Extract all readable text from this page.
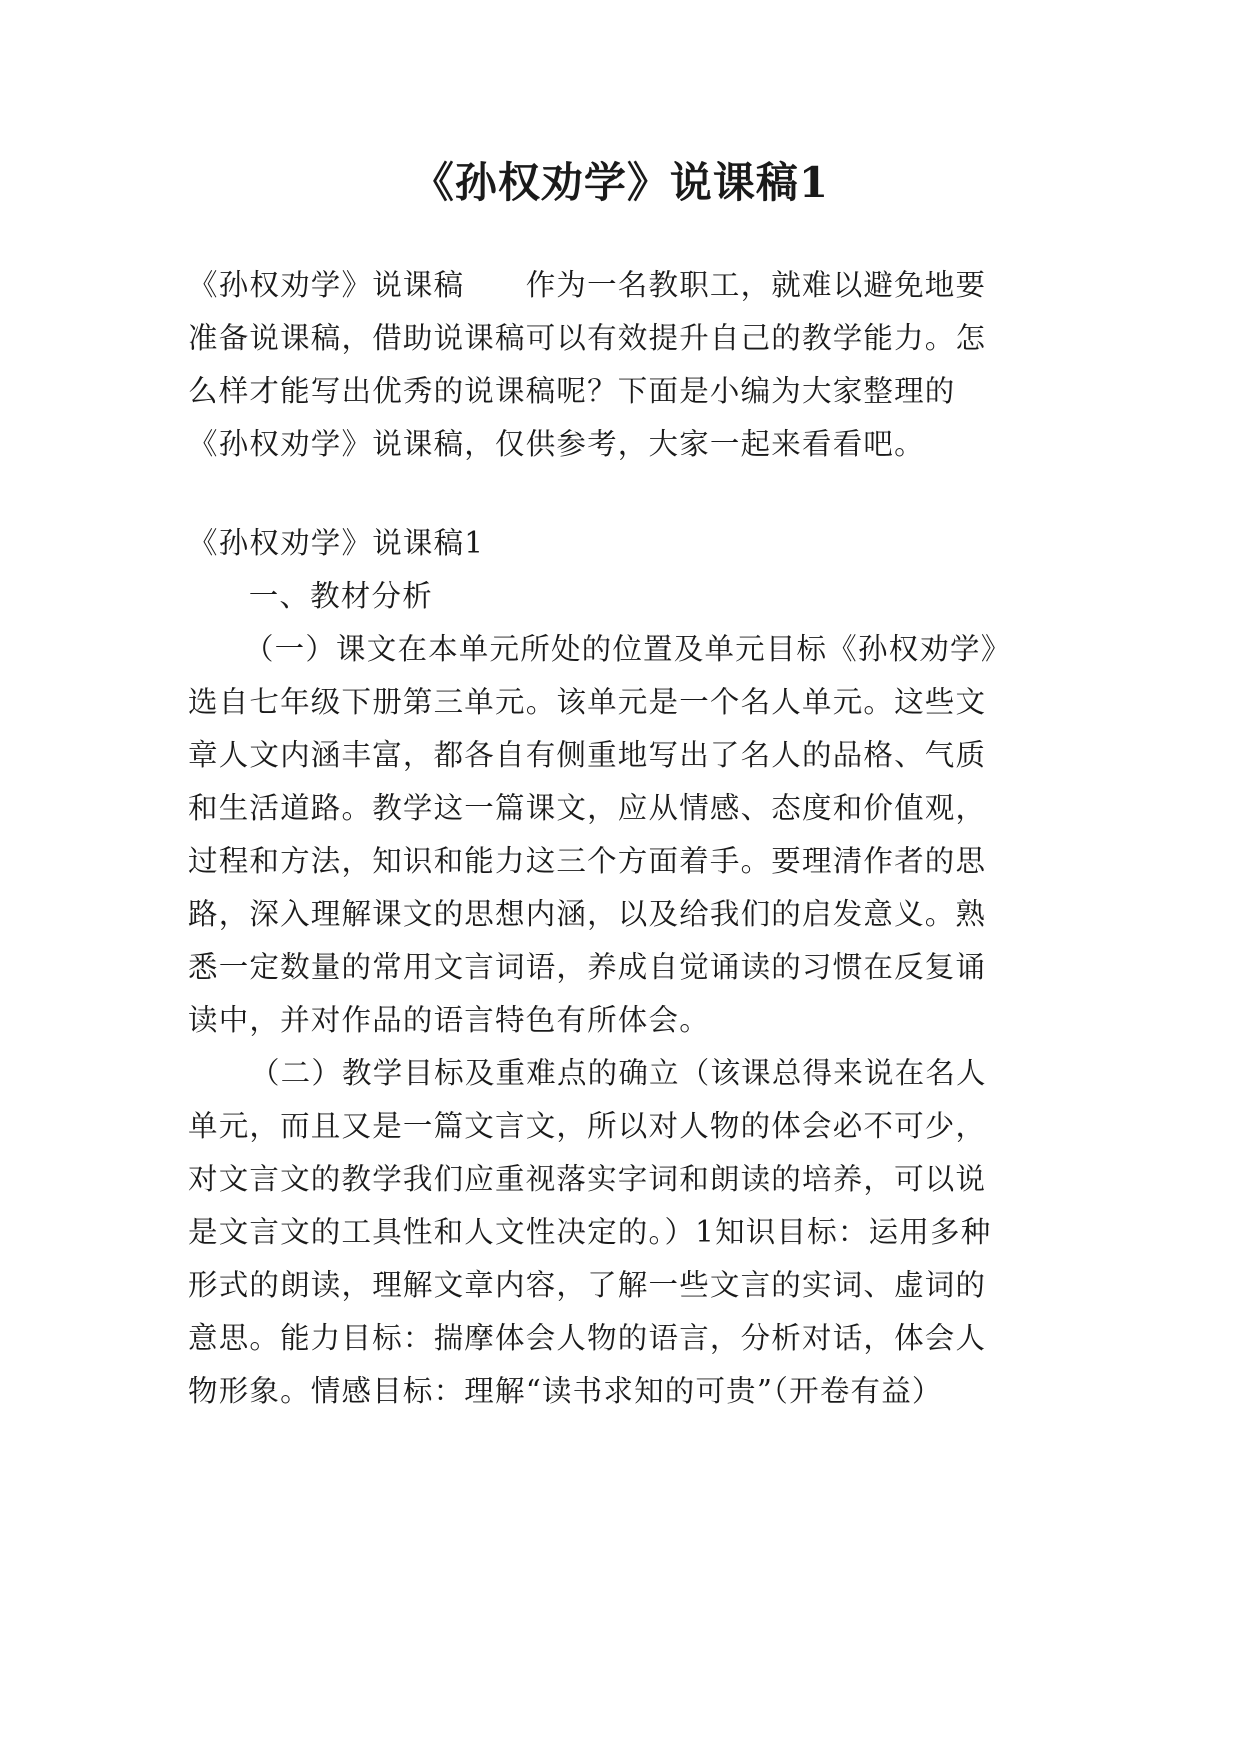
《孙权劝学》说课稿1

《孙权劝学》说课稿　　作为一名教职工，就难以避免地要

准备说课稿，借助说课稿可以有效提升自己的教学能力。怎

么样才能写出优秀的说课稿呢？下面是小编为大家整理的

《孙权劝学》说课稿，仅供参考，大家一起来看看吧。

《孙权劝学》说课稿1

　一、教材分析

　（一）课文在本单元所处的位置及单元目标《孙权劝学》

选自七年级下册第三单元。该单元是一个名人单元。这些文

章人文内涵丰富，都各自有侧重地写出了名人的品格、气质

和生活道路。教学这一篇课文，应从情感、态度和价值观，

过程和方法，知识和能力这三个方面着手。要理清作者的思

路，深入理解课文的思想内涵，以及给我们的启发意义。熟

悉一定数量的常用文言词语，养成自觉诵读的习惯在反复诵

读中，并对作品的语言特色有所体会。

　（二）教学目标及重难点的确立（该课总得来说在名人

单元，而且又是一篇文言文，所以对人物的体会必不可少，

对文言文的教学我们应重视落实字词和朗读的培养，可以说

是文言文的工具性和人文性决定的。）1知识目标：运用多种

形式的朗读，理解文章内容，了解一些文言的实词、虚词的

意思。能力目标：揣摩体会人物的语言，分析对话，体会人

物形象。情感目标：理解“读书求知的可贵”（开卷有益）
